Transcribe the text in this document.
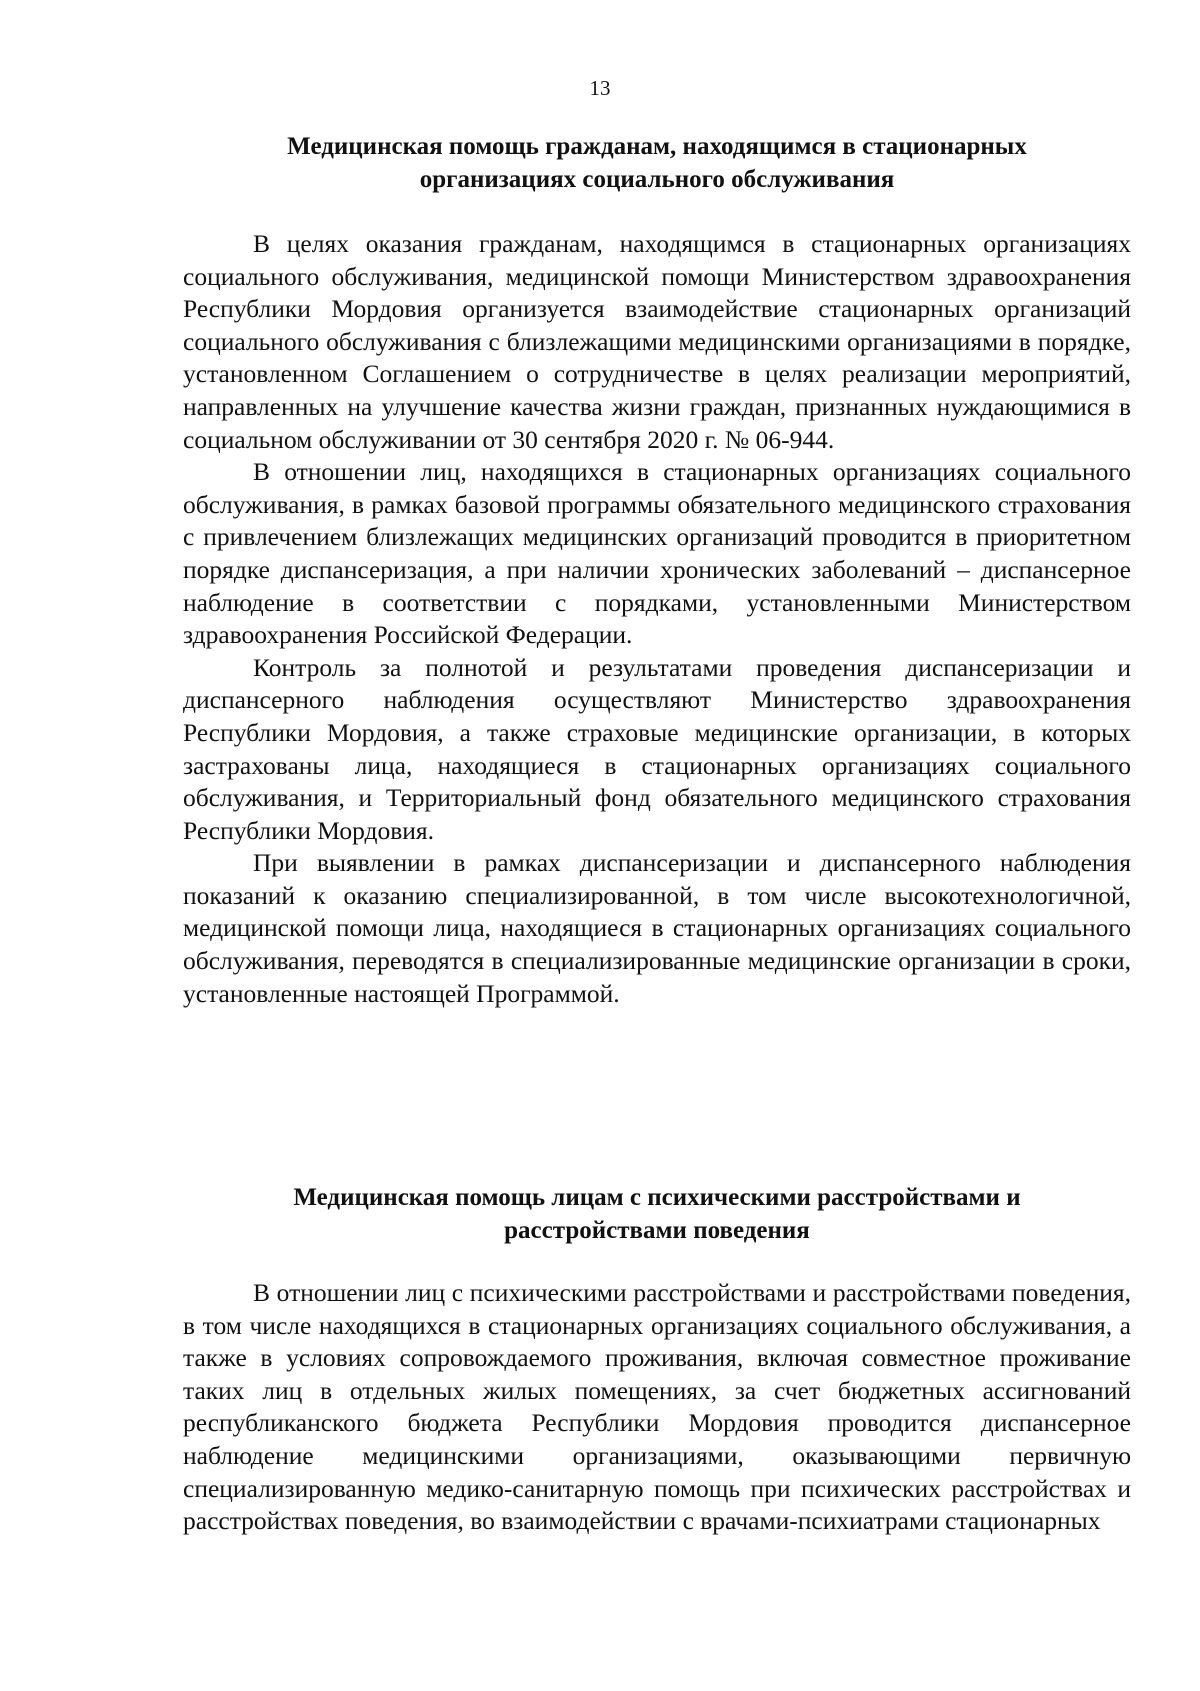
13
Медицинская помощь гражданам, находящимся в стационарных
организациях социального обслуживания

В целях оказания гражданам, находящимся в стационарных организациях социального обслуживания, медицинской помощи Министерством здравоохранения Республики Мордовия организуется взаимодействие стационарных организаций социального обслуживания с близлежащими медицинскими организациями в порядке, установленном Соглашением о сотрудничестве в целях реализации мероприятий, направленных на улучшение качества жизни граждан, признанных нуждающимися в социальном обслуживании от 30 сентября 2020 г. № 06-944.

В отношении лиц, находящихся в стационарных организациях социального обслуживания, в рамках базовой программы обязательного медицинского страхования с привлечением близлежащих медицинских организаций проводится в приоритетном порядке диспансеризация, а при наличии хронических заболеваний – диспансерное наблюдение в соответствии с порядками, установленными Министерством здравоохранения Российской Федерации.

Контроль за полнотой и результатами проведения диспансеризации и диспансерного наблюдения осуществляют Министерство здравоохранения Республики Мордовия, а также страховые медицинские организации, в которых застрахованы лица, находящиеся в стационарных организациях социального обслуживания, и Территориальный фонд обязательного медицинского страхования Республики Мордовия.

При выявлении в рамках диспансеризации и диспансерного наблюдения показаний к оказанию специализированной, в том числе высокотехнологичной, медицинской помощи лица, находящиеся в стационарных организациях социального обслуживания, переводятся в специализированные медицинские организации в сроки, установленные настоящей Программой.

Медицинская помощь лицам с психическими расстройствами и
расстройствами поведения

В отношении лиц с психическими расстройствами и расстройствами поведения, в том числе находящихся в стационарных организациях социального обслуживания, а также в условиях сопровождаемого проживания, включая совместное проживание таких лиц в отдельных жилых помещениях, за счет бюджетных ассигнований республиканского бюджета Республики Мордовия проводится диспансерное наблюдение медицинскими организациями, оказывающими первичную специализированную медико-санитарную помощь при психических расстройствах и расстройствах поведения, во взаимодействии с врачами-психиатрами стационарных
